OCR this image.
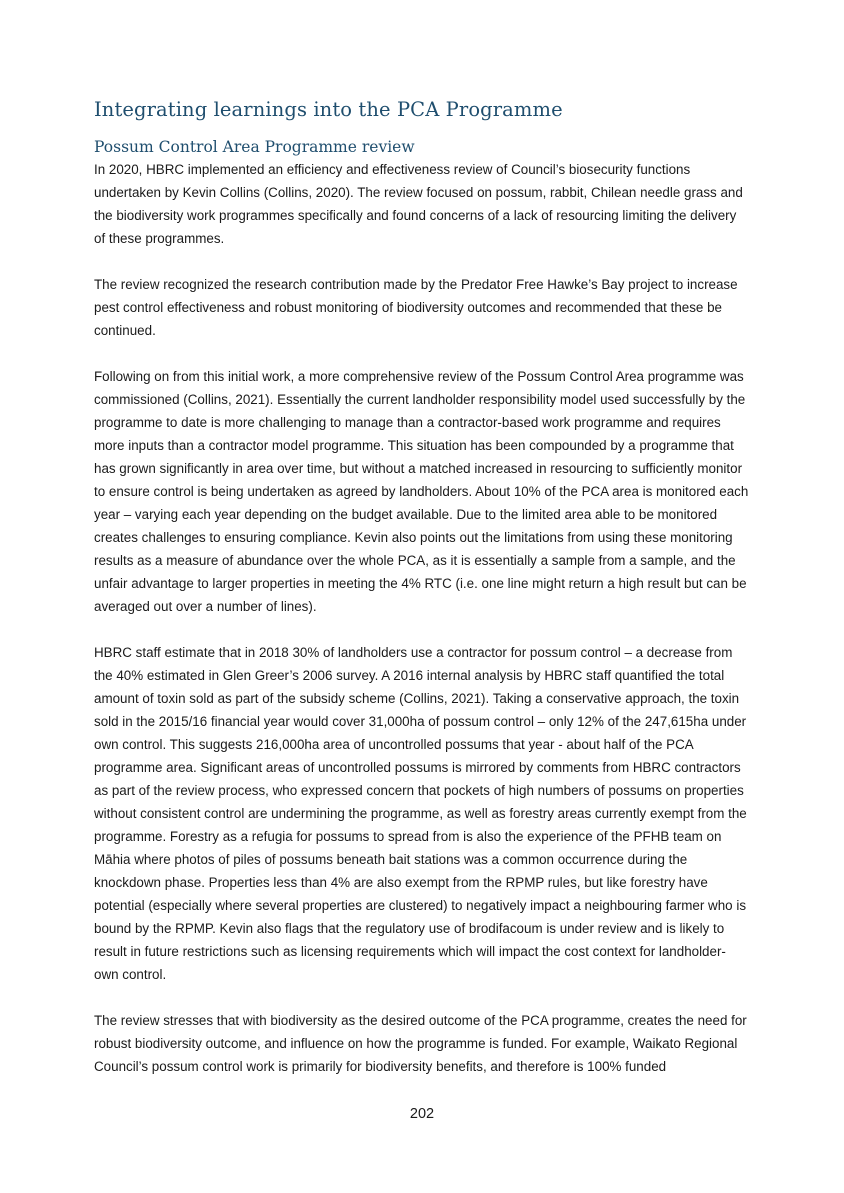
Integrating learnings into the PCA Programme
Possum Control Area Programme review

In 2020, HBRC implemented an efficiency and effectiveness review of Council’s biosecurity functions undertaken by Kevin Collins (Collins, 2020). The review focused on possum, rabbit, Chilean needle grass and the biodiversity work programmes specifically and found concerns of a lack of resourcing limiting the delivery of these programmes.

The review recognized the research contribution made by the Predator Free Hawke’s Bay project to increase pest control effectiveness and robust monitoring of biodiversity outcomes and recommended that these be continued.

Following on from this initial work, a more comprehensive review of the Possum Control Area programme was commissioned (Collins, 2021). Essentially the current landholder responsibility model used successfully by the programme to date is more challenging to manage than a contractor-based work programme and requires more inputs than a contractor model programme. This situation has been compounded by a programme that has grown significantly in area over time, but without a matched increased in resourcing to sufficiently monitor to ensure control is being undertaken as agreed by landholders. About 10% of the PCA area is monitored each year – varying each year depending on the budget available. Due to the limited area able to be monitored creates challenges to ensuring compliance. Kevin also points out the limitations from using these monitoring results as a measure of abundance over the whole PCA, as it is essentially a sample from a sample, and the unfair advantage to larger properties in meeting the 4% RTC (i.e. one line might return a high result but can be averaged out over a number of lines).

HBRC staff estimate that in 2018 30% of landholders use a contractor for possum control – a decrease from the 40% estimated in Glen Greer’s 2006 survey. A 2016 internal analysis by HBRC staff quantified the total amount of toxin sold as part of the subsidy scheme (Collins, 2021). Taking a conservative approach, the toxin sold in the 2015/16 financial year would cover 31,000ha of possum control – only 12% of the 247,615ha under own control. This suggests 216,000ha area of uncontrolled possums that year - about half of the PCA programme area. Significant areas of uncontrolled possums is mirrored by comments from HBRC contractors as part of the review process, who expressed concern that pockets of high numbers of possums on properties without consistent control are undermining the programme, as well as forestry areas currently exempt from the programme. Forestry as a refugia for possums to spread from is also the experience of the PFHB team on Māhia where photos of piles of possums beneath bait stations was a common occurrence during the knockdown phase. Properties less than 4% are also exempt from the RPMP rules, but like forestry have potential (especially where several properties are clustered) to negatively impact a neighbouring farmer who is bound by the RPMP. Kevin also flags that the regulatory use of brodifacoum is under review and is likely to result in future restrictions such as licensing requirements which will impact the cost context for landholder-own control.

The review stresses that with biodiversity as the desired outcome of the PCA programme, creates the need for robust biodiversity outcome, and influence on how the programme is funded. For example, Waikato Regional Council’s possum control work is primarily for biodiversity benefits, and therefore is 100% funded

202
